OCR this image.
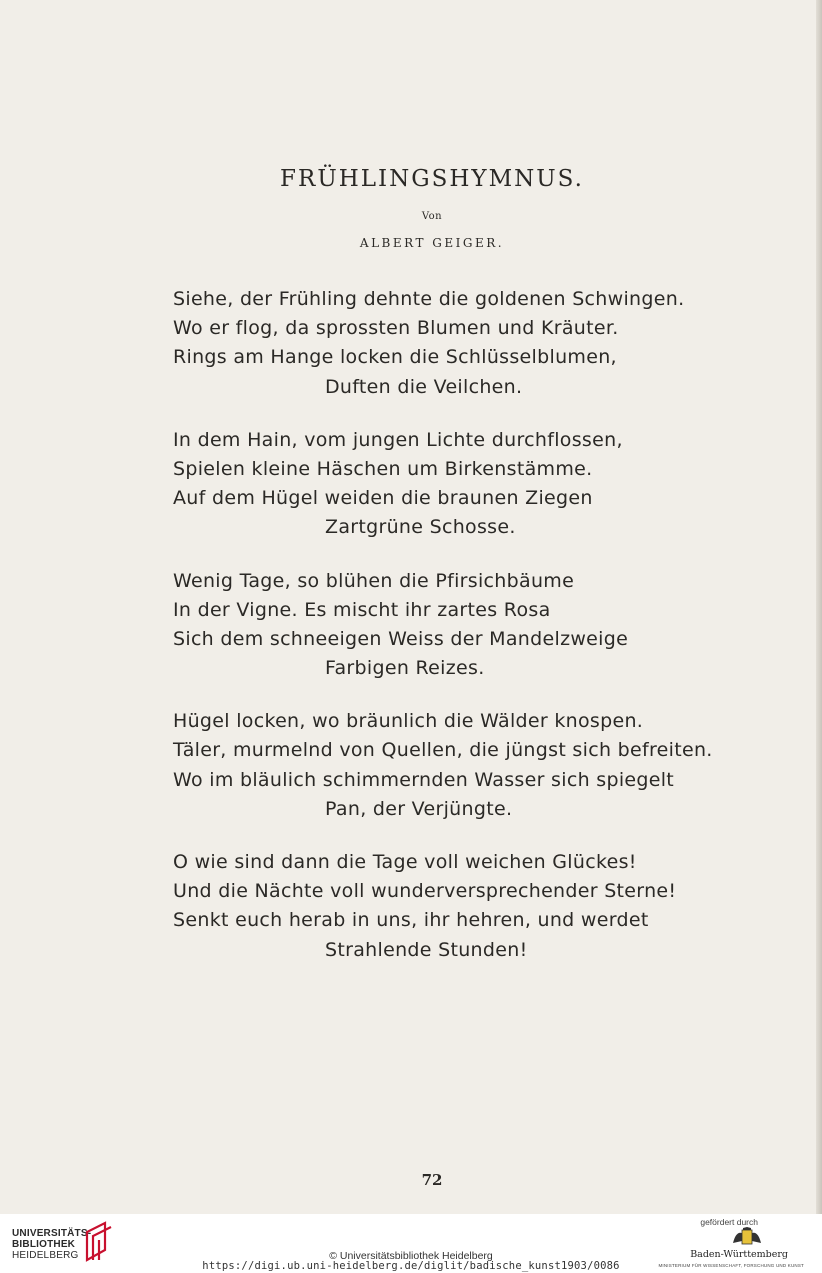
FRÜHLINGSHYMNUS.
Von
ALBERT GEIGER.
Siehe, der Frühling dehnte die goldenen Schwingen.
Wo er flog, da sprossten Blumen und Kräuter.
Rings am Hange locken die Schlüsselblumen,
Duften die Veilchen.
In dem Hain, vom jungen Lichte durchflossen,
Spielen kleine Häschen um Birkenstämme.
Auf dem Hügel weiden die braunen Ziegen
Zartgrüne Schosse.
Wenig Tage, so blühen die Pfirsichbäume
In der Vigne. Es mischt ihr zartes Rosa
Sich dem schneeigen Weiss der Mandelzweige
Farbigen Reizes.
Hügel locken, wo bräunlich die Wälder knospen.
Täler, murmelnd von Quellen, die jüngst sich befreiten.
Wo im bläulich schimmernden Wasser sich spiegelt
Pan, der Verjüngte.
O wie sind dann die Tage voll weichen Glückes!
Und die Nächte voll wunderversprechender Sterne!
Senkt euch herab in uns, ihr hehren, und werdet
Strahlende Stunden!
72
UNIVERSITÄTS-
BIBLIOTHEK
HEIDELBERG	© Universitätsbibliothek Heidelberg
https://digi.ub.uni-heidelberg.de/diglit/badische_kunst1903/0086
gefördert durch
Baden-Württemberg
MINISTERIUM FÜR WISSENSCHAFT, FORSCHUNG UND KUNST
